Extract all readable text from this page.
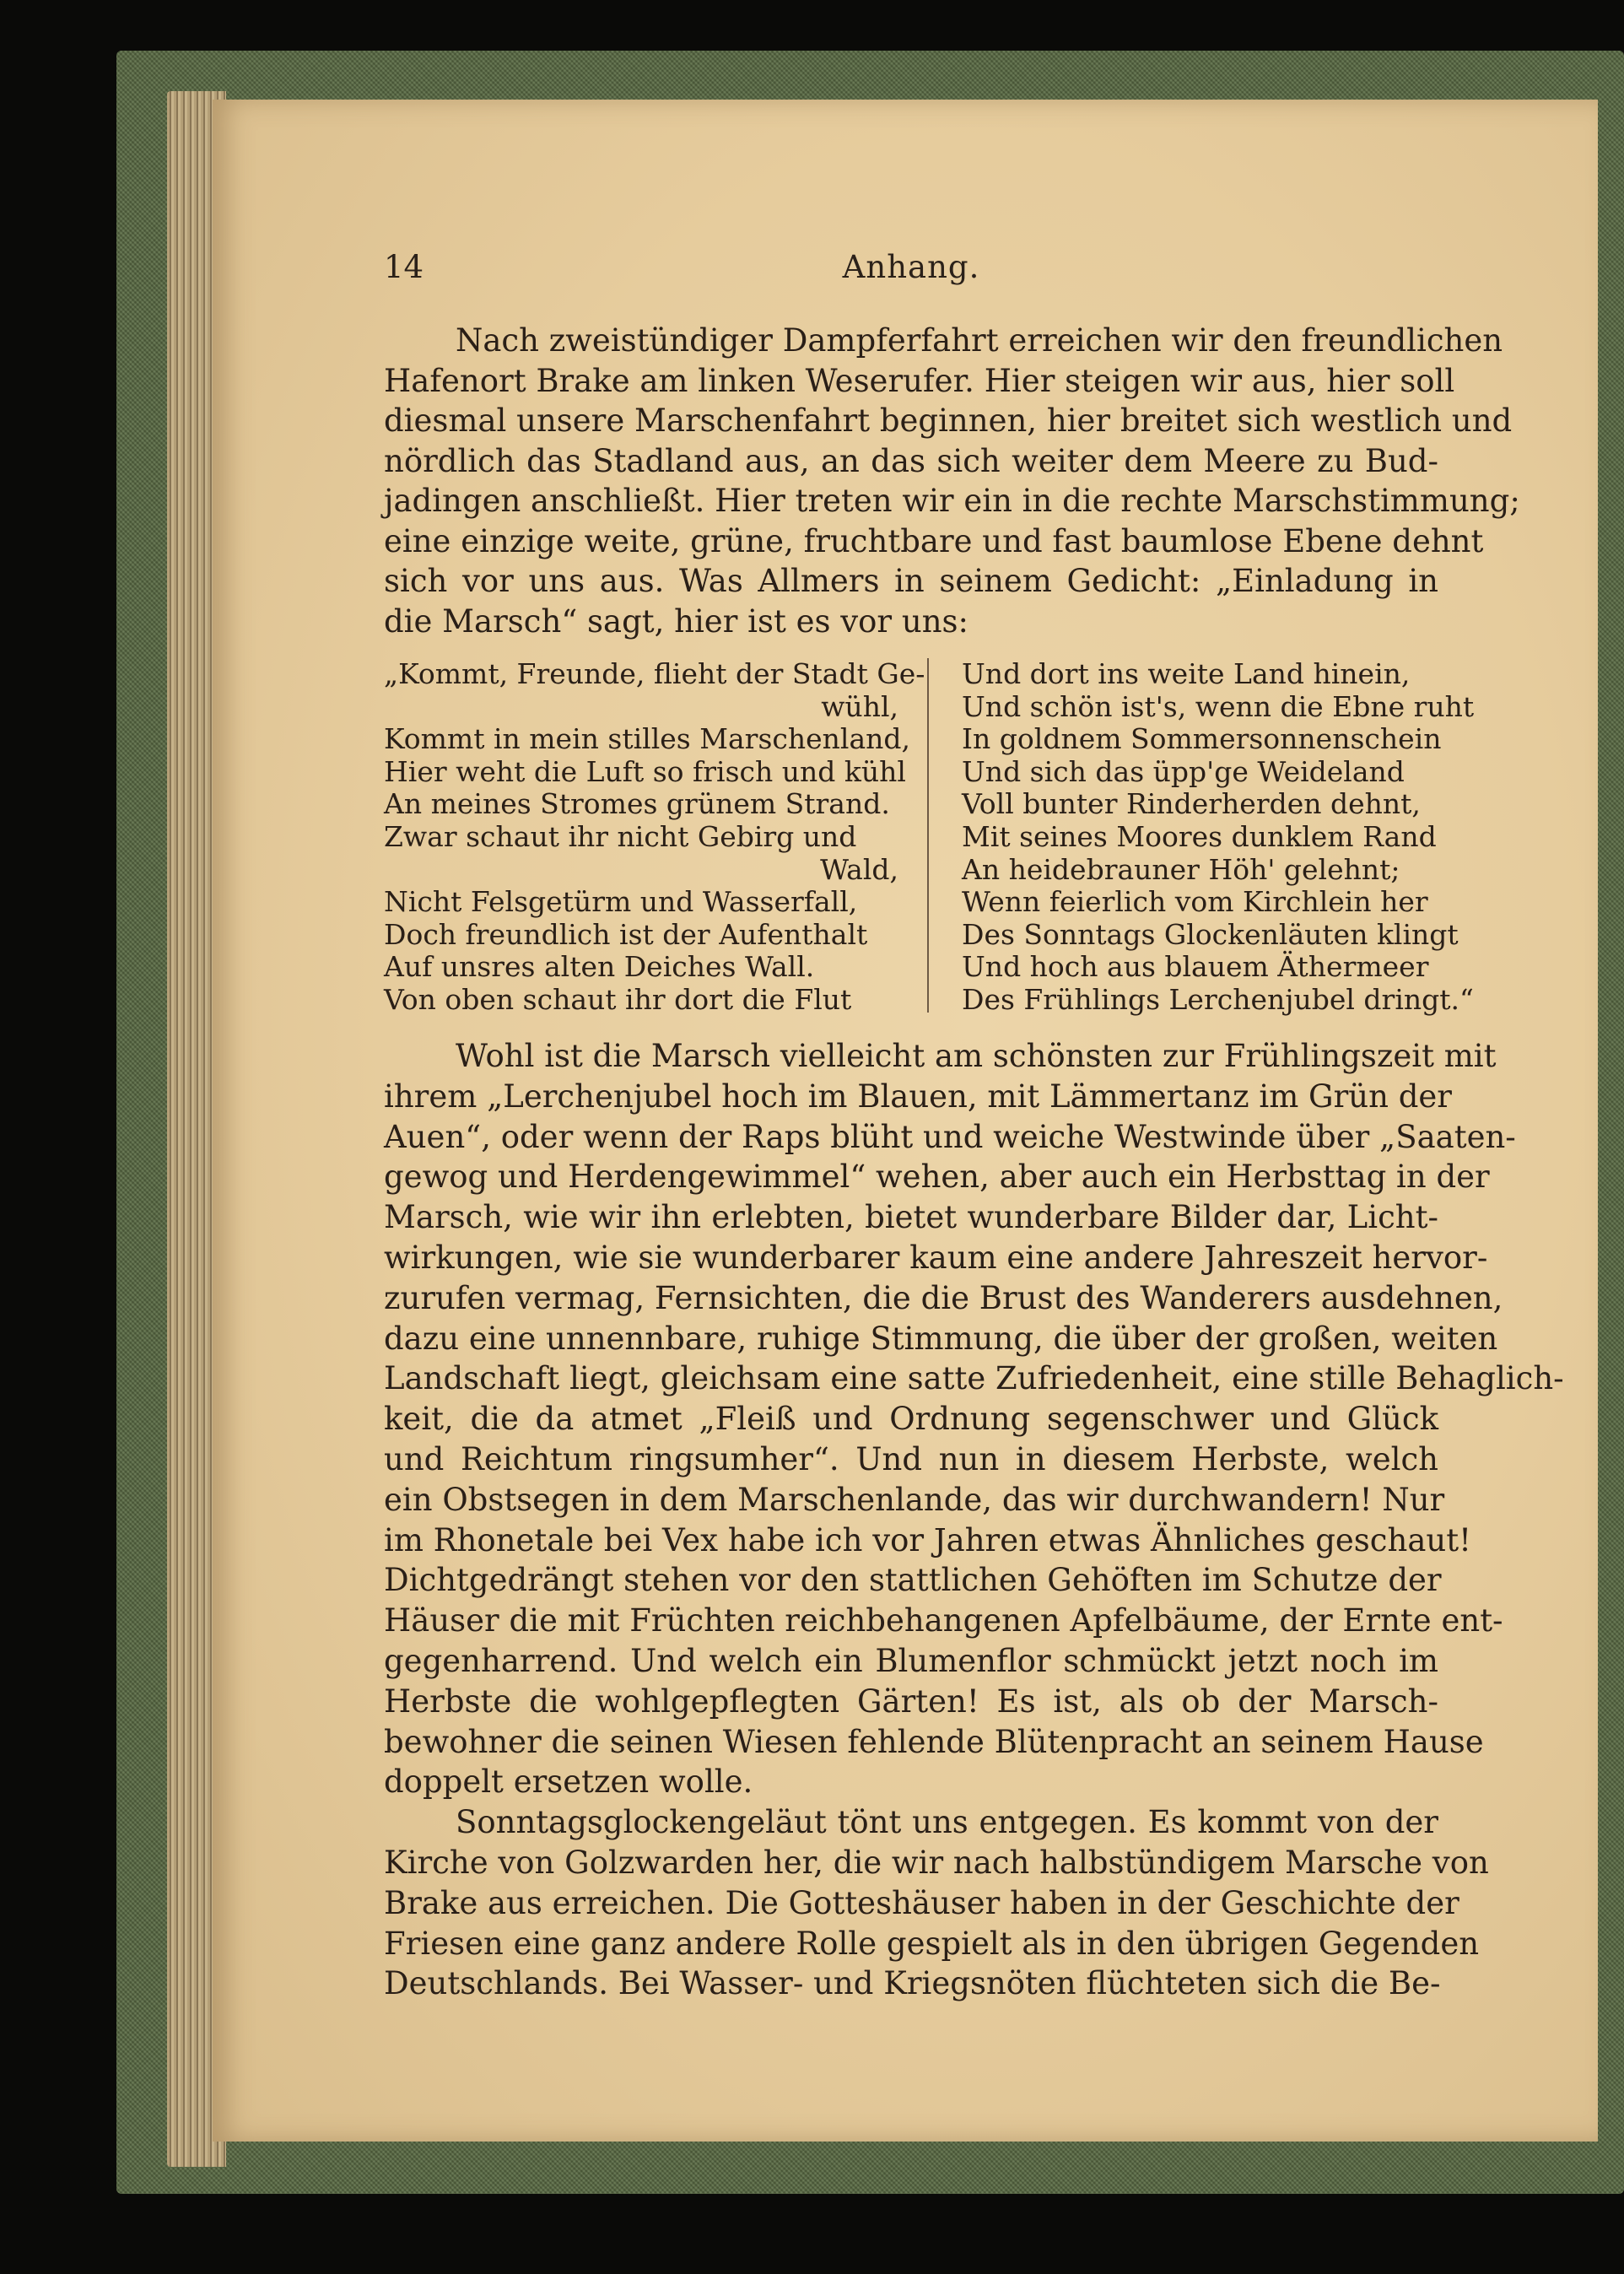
14	Anhang.
Nach zweistündiger Dampferfahrt erreichen wir den freundlichen
Hafenort Brake am linken Weserufer. Hier steigen wir aus, hier soll
diesmal unsere Marschenfahrt beginnen, hier breitet sich westlich und
nördlich das Stadland aus, an das sich weiter dem Meere zu Bud-
jadingen anschließt. Hier treten wir ein in die rechte Marschstimmung;
eine einzige weite, grüne, fruchtbare und fast baumlose Ebene dehnt
sich vor uns aus. Was Allmers in seinem Gedicht: „Einladung in
die Marsch“ sagt, hier ist es vor uns:
„Kommt, Freunde, flieht der Stadt Ge-
wühl,
Kommt in mein stilles Marschenland,
Hier weht die Luft so frisch und kühl
An meines Stromes grünem Strand.
Zwar schaut ihr nicht Gebirg und
Wald,
Nicht Felsgetürm und Wasserfall,
Doch freundlich ist der Aufenthalt
Auf unsres alten Deiches Wall.
Von oben schaut ihr dort die Flut
Und dort ins weite Land hinein,
Und schön ist's, wenn die Ebne ruht
In goldnem Sommersonnenschein
Und sich das üpp'ge Weideland
Voll bunter Rinderherden dehnt,
Mit seines Moores dunklem Rand
An heidebrauner Höh' gelehnt;
Wenn feierlich vom Kirchlein her
Des Sonntags Glockenläuten klingt
Und hoch aus blauem Äthermeer
Des Frühlings Lerchenjubel dringt.“
Wohl ist die Marsch vielleicht am schönsten zur Frühlingszeit mit
ihrem „Lerchenjubel hoch im Blauen, mit Lämmertanz im Grün der
Auen“, oder wenn der Raps blüht und weiche Westwinde über „Saaten-
gewog und Herdengewimmel“ wehen, aber auch ein Herbsttag in der
Marsch, wie wir ihn erlebten, bietet wunderbare Bilder dar, Licht-
wirkungen, wie sie wunderbarer kaum eine andere Jahreszeit hervor-
zurufen vermag, Fernsichten, die die Brust des Wanderers ausdehnen,
dazu eine unnennbare, ruhige Stimmung, die über der großen, weiten
Landschaft liegt, gleichsam eine satte Zufriedenheit, eine stille Behaglich-
keit, die da atmet „Fleiß und Ordnung segenschwer und Glück
und Reichtum ringsumher“. Und nun in diesem Herbste, welch
ein Obstsegen in dem Marschenlande, das wir durchwandern! Nur
im Rhonetale bei Vex habe ich vor Jahren etwas Ähnliches geschaut!
Dichtgedrängt stehen vor den stattlichen Gehöften im Schutze der
Häuser die mit Früchten reichbehangenen Apfelbäume, der Ernte ent-
gegenharrend. Und welch ein Blumenflor schmückt jetzt noch im
Herbste die wohlgepflegten Gärten! Es ist, als ob der Marsch-
bewohner die seinen Wiesen fehlende Blütenpracht an seinem Hause
doppelt ersetzen wolle.
Sonntagsglockengeläut tönt uns entgegen. Es kommt von der
Kirche von Golzwarden her, die wir nach halbstündigem Marsche von
Brake aus erreichen. Die Gotteshäuser haben in der Geschichte der
Friesen eine ganz andere Rolle gespielt als in den übrigen Gegenden
Deutschlands. Bei Wasser- und Kriegsnöten flüchteten sich die Be-
